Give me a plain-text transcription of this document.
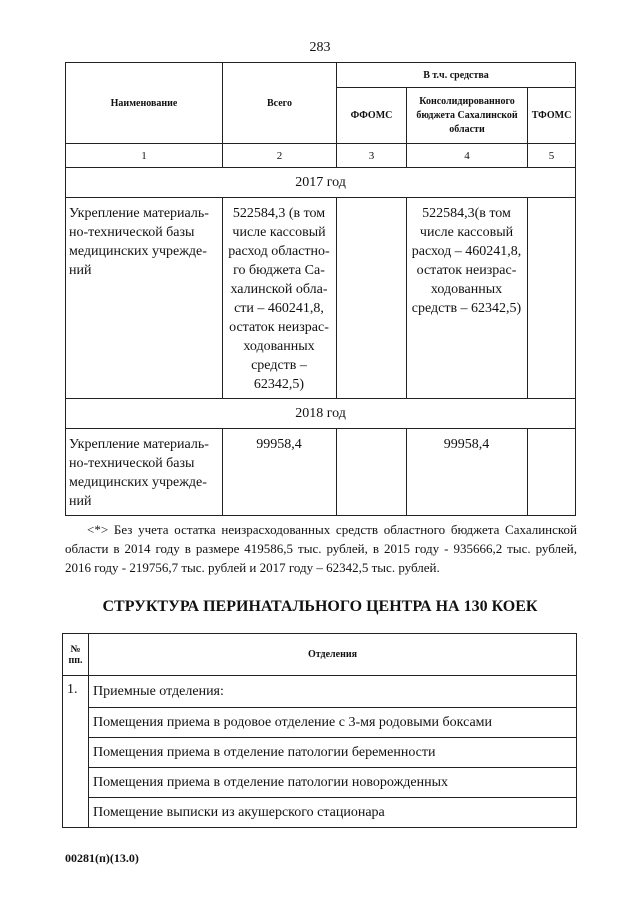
283
Наименование	Всего	В т.ч. средства		
		ФФОМС	Консолидированного бюджета Сахалинской области	ТФОМС
1	2	3	4	5
2017 год				
Укрепление материаль-но-технической базы медицинских учрежде-ний	522584,3 (в том числе кассовый расход областно-го бюджета Са-халинской обла-сти – 460241,8, остаток неизрас-ходованных средств – 62342,5)		522584,3(в том числе кассовый расход – 460241,8, остаток неизрас-ходованных средств – 62342,5)	
2018 год				
Укрепление материаль-но-технической базы медицинских учрежде-ний	99958,4		99958,4	
<*> Без учета остатка неизрасходованных средств областного бюджета Сахалинской области в 2014 году в размере 419586,5 тыс. рублей, в 2015 году - 935666,2 тыс. рублей, 2016 году - 219756,7 тыс. рублей и 2017 году – 62342,5 тыс. рублей.
СТРУКТУРА ПЕРИНАТАЛЬНОГО ЦЕНТРА НА 130 КОЕК
№ пп.	Отделения
1.	Приемные отделения:
	Помещения приема в родовое отделение с 3-мя родовыми боксами
	Помещения приема в отделение патологии беременности
	Помещения приема в отделение патологии новорожденных
	Помещение выписки из акушерского стационара
00281(п)(13.0)
